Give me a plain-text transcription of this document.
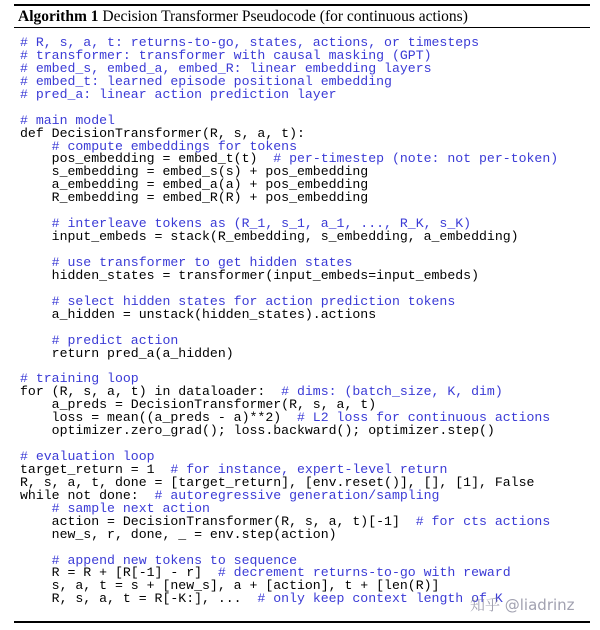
Algorithm 1 Decision Transformer Pseudocode (for continuous actions)
# R, s, a, t: returns-to-go, states, actions, or timesteps
# transformer: transformer with causal masking (GPT)
# embed_s, embed_a, embed_R: linear embedding layers
# embed_t: learned episode positional embedding
# pred_a: linear action prediction layer
# main model
def DecisionTransformer(R, s, a, t):
# compute embeddings for tokens
pos_embedding = embed_t(t)  # per-timestep (note: not per-token)
s_embedding = embed_s(s) + pos_embedding
a_embedding = embed_a(a) + pos_embedding
R_embedding = embed_R(R) + pos_embedding
# interleave tokens as (R_1, s_1, a_1, ..., R_K, s_K)
input_embeds = stack(R_embedding, s_embedding, a_embedding)
# use transformer to get hidden states
hidden_states = transformer(input_embeds=input_embeds)
# select hidden states for action prediction tokens
a_hidden = unstack(hidden_states).actions
# predict action
return pred_a(a_hidden)
# training loop
for (R, s, a, t) in dataloader:  # dims: (batch_size, K, dim)
a_preds = DecisionTransformer(R, s, a, t)
loss = mean((a_preds - a)**2)  # L2 loss for continuous actions
optimizer.zero_grad(); loss.backward(); optimizer.step()
# evaluation loop
target_return = 1  # for instance, expert-level return
R, s, a, t, done = [target_return], [env.reset()], [], [1], False
while not done:  # autoregressive generation/sampling
# sample next action
action = DecisionTransformer(R, s, a, t)[-1]  # for cts actions
new_s, r, done, _ = env.step(action)
# append new tokens to sequence
R = R + [R[-1] - r]  # decrement returns-to-go with reward
s, a, t = s + [new_s], a + [action], t + [len(R)]
R, s, a, t = R[-K:], ...  # only keep context length of K
知乎 @liadrinz
